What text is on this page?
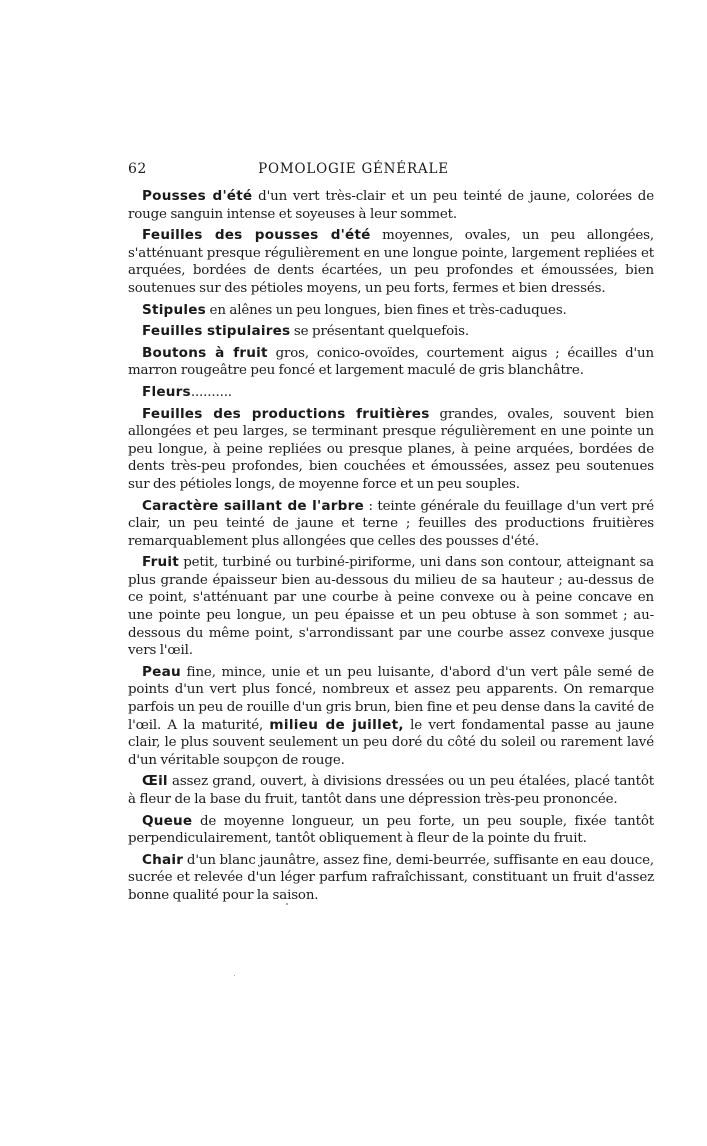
62	POMOLOGIE GÉNÉRALE

Pousses d'été d'un vert très-clair et un peu teinté de jaune, colorées de rouge sanguin intense et soyeuses à leur sommet.

Feuilles des pousses d'été moyennes, ovales, un peu allongées, s'atténuant presque régulièrement en une longue pointe, largement repliées et arquées, bordées de dents écartées, un peu profondes et émoussées, bien soutenues sur des pétioles moyens, un peu forts, fermes et bien dressés.

Stipules en alênes un peu longues, bien fines et très-caduques.

Feuilles stipulaires se présentant quelquefois.

Boutons à fruit gros, conico-ovoïdes, courtement aigus ; écailles d'un marron rougeâtre peu foncé et largement maculé de gris blanchâtre.

Fleurs..........

Feuilles des productions fruitières grandes, ovales, souvent bien allongées et peu larges, se terminant presque régulièrement en une pointe un peu longue, à peine repliées ou presque planes, à peine arquées, bordées de dents très-peu profondes, bien couchées et émoussées, assez peu soutenues sur des pétioles longs, de moyenne force et un peu souples.

Caractère saillant de l'arbre : teinte générale du feuillage d'un vert pré clair, un peu teinté de jaune et terne ; feuilles des productions fruitières remarquablement plus allongées que celles des pousses d'été.

Fruit petit, turbiné ou turbiné-piriforme, uni dans son contour, atteignant sa plus grande épaisseur bien au-dessous du milieu de sa hauteur ; au-dessus de ce point, s'atténuant par une courbe à peine convexe ou à peine concave en une pointe peu longue, un peu épaisse et un peu obtuse à son sommet ; au-dessous du même point, s'arrondissant par une courbe assez convexe jusque vers l'œil.

Peau fine, mince, unie et un peu luisante, d'abord d'un vert pâle semé de points d'un vert plus foncé, nombreux et assez peu apparents. On remarque parfois un peu de rouille d'un gris brun, bien fine et peu dense dans la cavité de l'œil. A la maturité, milieu de juillet, le vert fondamental passe au jaune clair, le plus souvent seulement un peu doré du côté du soleil ou rarement lavé d'un véritable soupçon de rouge.

Œil assez grand, ouvert, à divisions dressées ou un peu étalées, placé tantôt à fleur de la base du fruit, tantôt dans une dépression très-peu prononcée.

Queue de moyenne longueur, un peu forte, un peu souple, fixée tantôt perpendiculairement, tantôt obliquement à fleur de la pointe du fruit.

Chair d'un blanc jaunâtre, assez fine, demi-beurrée, suffisante en eau douce, sucrée et relevée d'un léger parfum rafraîchissant, constituant un fruit d'assez bonne qualité pour la saison.
